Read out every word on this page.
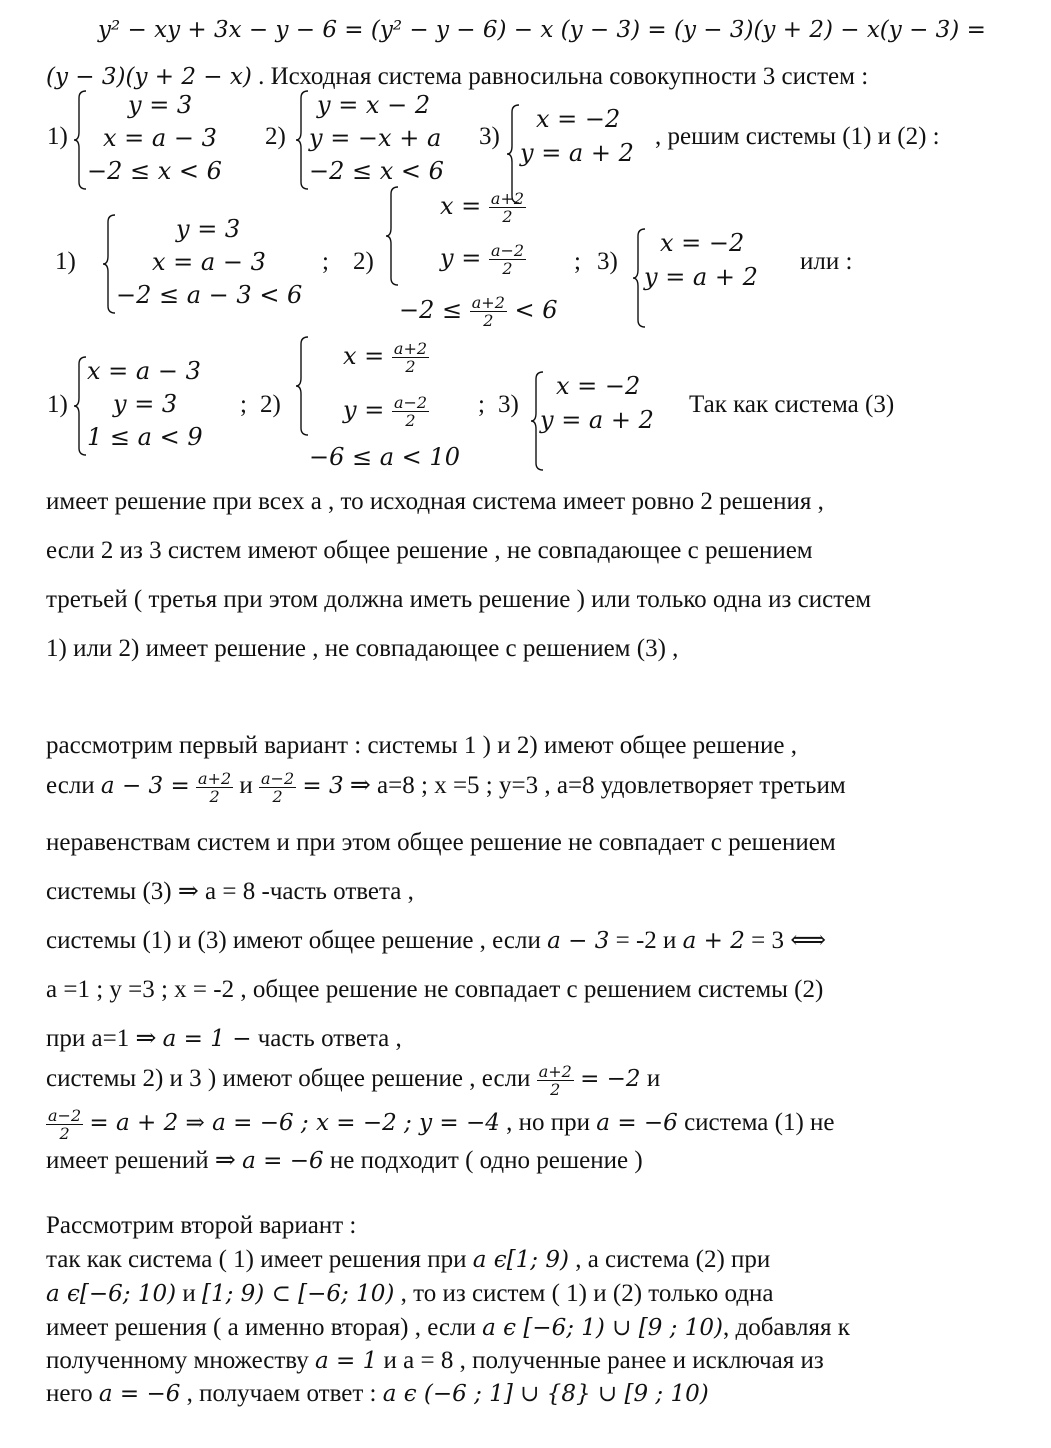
y² − xy + 3x − y − 6 = (y² − y − 6) − x (y − 3) = (y − 3)(y + 2) − x(y − 3) =
(y − 3)(y + 2 − x) . Исходная система равносильна совокупности 3 систем :
1)
y = 3
x = a − 3
−2 ≤ x < 6
2)
y = x − 2
y = −x + a
−2 ≤ x < 6
3)
x = −2
y = a + 2
, решим системы (1) и (2) :
1)
y = 3
x = a − 3
−2 ≤ a − 3 < 6
; 2)
$x = \frac{a+2}{2}$
$y = \frac{a-2}{2}$
$-2 \le \frac{a+2}{2} < 6$
; 3)
x = −2
y = a + 2
или :
1)
x = a − 3
y = 3
1 ≤ a < 9
; 2)
$x = \frac{a+2}{2}$
$y = \frac{a-2}{2}$
−6 ≤ a < 10
; 3)
x = −2
y = a + 2
Так как система (3)
имеет решение при всех а , то исходная система имеет ровно 2 решения ,
если 2 из 3 систем имеют общее решение , не совпадающее с решением
третьей ( третья при этом должна иметь решение ) или только одна из систем
1) или 2) имеет решение , не совпадающее с решением (3) ,
рассмотрим первый вариант : системы 1 ) и 2) имеют общее решение ,
если $a - 3 = \frac{a+2}{2}$ и $\frac{a-2}{2} = 3$ ⇒ a=8 ; x =5 ; y=3 , a=8 удовлетворяет третьим
неравенствам систем и при этом общее решение не совпадает с решением
системы (3) ⇒ a = 8 -часть ответа ,
системы (1) и (3) имеют общее решение , если a − 3 = -2 и a + 2 = 3 ⟺
a =1 ; y =3 ; x = -2 , общее решение не совпадает с решением системы (2)
при a=1 ⇒ a = 1 − часть ответа ,
системы 2) и 3 ) имеют общее решение , если $\frac{a+2}{2} = -2$ и
$\frac{a-2}{2} = a + 2$ ⇒ a = −6 ; x = −2 ; y = −4 , но при a = −6 система (1) не
имеет решений ⇒ a = −6 не подходит ( одно решение )
Рассмотрим второй вариант :
так как система ( 1) имеет решения при a ϵ[1; 9) , а система (2) при
a ϵ[−6; 10) и [1; 9) ⊂ [−6; 10) , то из систем ( 1) и (2) только одна
имеет решения ( а именно вторая) , если a ϵ [−6; 1) ∪ [9 ; 10), добавляя к
полученному множеству a = 1 и а = 8 , полученные ранее и исключая из
него a = −6 , получаем ответ : a ϵ (−6 ; 1] ∪ {8} ∪ [9 ; 10)
